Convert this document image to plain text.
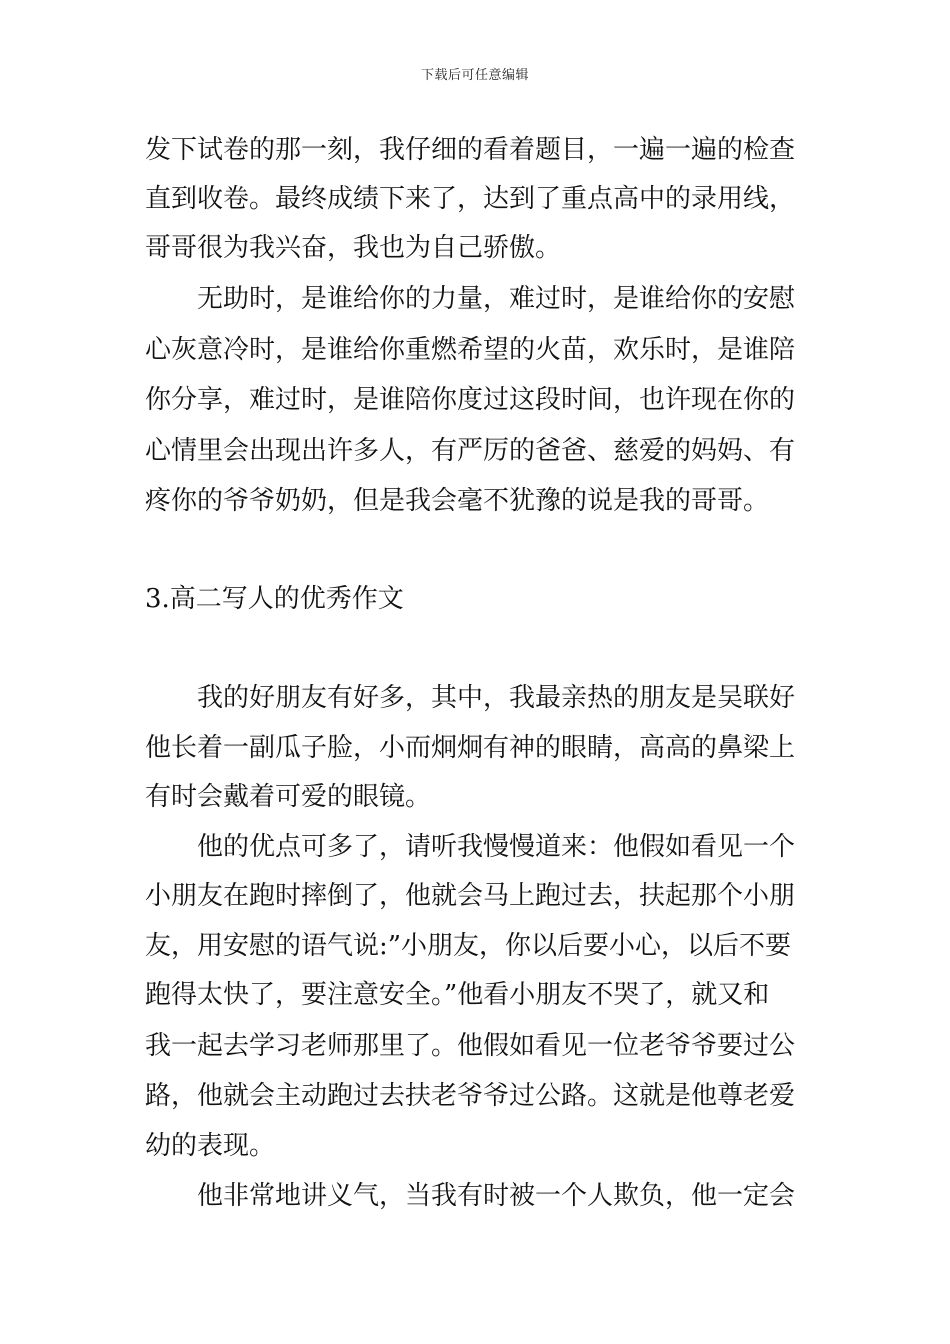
下载后可任意编辑
发下试卷的那一刻，我仔细的看着题目，一遍一遍的检查
直到收卷。最终成绩下来了，达到了重点高中的录用线，
哥哥很为我兴奋，我也为自己骄傲。
无助时，是谁给你的力量，难过时，是谁给你的安慰
心灰意冷时，是谁给你重燃希望的火苗，欢乐时，是谁陪
你分享，难过时，是谁陪你度过这段时间，也许现在你的
心情里会出现出许多人，有严厉的爸爸、慈爱的妈妈、有
疼你的爷爷奶奶，但是我会毫不犹豫的说是我的哥哥。
3.高二写人的优秀作文
我的好朋友有好多，其中，我最亲热的朋友是吴联好
他长着一副瓜子脸，小而炯炯有神的眼睛，高高的鼻梁上
有时会戴着可爱的眼镜。
他的优点可多了，请听我慢慢道来：他假如看见一个
小朋友在跑时摔倒了，他就会马上跑过去，扶起那个小朋
友，用安慰的语气说:”小朋友，你以后要小心，以后不要
跑得太快了，要注意安全。”他看小朋友不哭了，就又和
我一起去学习老师那里了。他假如看见一位老爷爷要过公
路，他就会主动跑过去扶老爷爷过公路。这就是他尊老爱
幼的表现。
他非常地讲义气，当我有时被一个人欺负，他一定会
